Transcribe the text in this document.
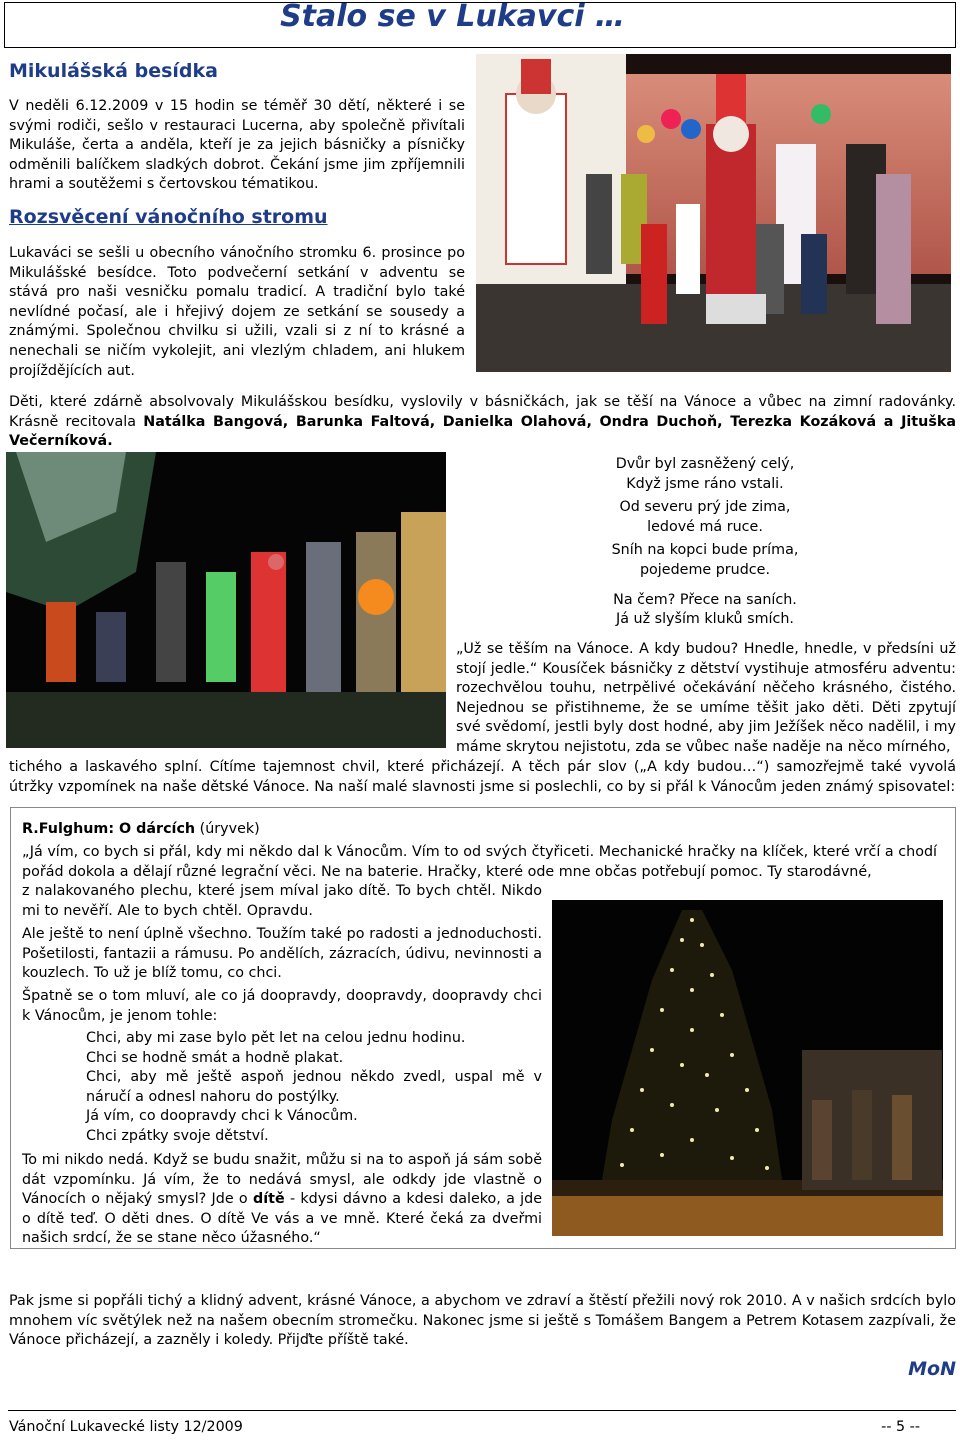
Stalo se v Lukavci …
Mikulášská besídka
V neděli 6.12.2009 v 15 hodin se téměř 30 dětí, některé i se svými rodiči, sešlo v restauraci Lucerna, aby společně přivítali Mikuláše, čerta a anděla, kteří je za jejich básničky a písničky odměnili balíčkem sladkých dobrot. Čekání jsme jim zpříjemnili hrami a soutěžemi s čertovskou tématikou.
Rozsvěcení vánočního stromu
Lukaváci se sešli u obecního vánočního stromku 6. prosince po Mikulášské besídce. Toto podvečerní setkání v adventu se stává pro naši vesničku pomalu tradicí. A tradiční bylo také nevlídné počasí, ale i hřejivý dojem ze setkání se sousedy a známými. Společnou chvilku si užili, vzali si z ní to krásné a nenechali se ničím vykolejit, ani vlezlým chladem, ani hlukem projíždějících aut.
Děti, které zdárně absolvovaly Mikulášskou besídku, vyslovily v básničkách, jak se těší na Vánoce a vůbec na zimní radovánky. Krásně recitovala Natálka Bangová, Barunka Faltová, Danielka Olahová, Ondra Duchoň, Terezka Kozáková a Jituška Večerníková.
Dvůr byl zasněžený celý,
Když jsme ráno vstali.
Od severu prý jde zima,
ledové má ruce.
Sníh na kopci bude príma,
pojedeme prudce.
Na čem? Přece na saních.
Já už slyším kluků smích.
„Už se těším na Vánoce. A kdy budou? Hnedle, hnedle, v předsíni už stojí jedle.“ Kousíček básničky z dětství vystihuje atmosféru adventu: rozechvělou touhu, netrpělivé očekávání něčeho krásného, čistého. Nejednou se přistihneme, že se umíme těšit jako děti. Děti zpytují své svědomí, jestli byly dost hodné, aby jim Ježíšek něco nadělil, i my máme skrytou nejistotu, zda se vůbec naše naděje na něco mírného,
tichého a laskavého splní. Cítíme tajemnost chvil, které přicházejí. A těch pár slov („A kdy budou…“) samozřejmě také vyvolá útržky vzpomínek na naše dětské Vánoce. Na naší malé slavnosti jsme si poslechli, co by si přál k Vánocům jeden známý spisovatel:
R.Fulghum: O dárcích (úryvek)
„Já vím, co bych si přál, kdy mi někdo dal k Vánocům. Vím to od svých čtyřiceti. Mechanické hračky na klíček, které vrčí a chodí pořád dokola a dělají různé legrační věci. Ne na baterie. Hračky, které ode mne občas potřebují pomoc. Ty starodávné,
z nalakovaného plechu, které jsem míval jako dítě. To bych chtěl. Nikdo mi to nevěří. Ale to bych chtěl. Opravdu.
Ale ještě to není úplně všechno. Toužím také po radosti a jednoduchosti. Pošetilosti, fantazii a rámusu. Po andělích, zázracích, údivu, nevinnosti a kouzlech. To už je blíž tomu, co chci.
Špatně se o tom mluví, ale co já doopravdy, doopravdy, doopravdy chci k Vánocům, je jenom tohle:
Chci, aby mi zase bylo pět let na celou jednu hodinu.
Chci se hodně smát a hodně plakat.
Chci, aby mě ještě aspoň jednou někdo zvedl, uspal mě v náručí a odnesl nahoru do postýlky.
Já vím, co doopravdy chci k Vánocům.
Chci zpátky svoje dětství.
To mi nikdo nedá. Když se budu snažit, můžu si na to aspoň já sám sobě dát vzpomínku. Já vím, že to nedává smysl, ale odkdy jde vlastně o Vánocích o nějaký smysl? Jde o dítě - kdysi dávno a kdesi daleko, a jde o dítě teď. O děti dnes. O dítě Ve vás a ve mně. Které čeká za dveřmi našich srdcí, že se stane něco úžasného.“
Pak jsme si popřáli tichý a klidný advent, krásné Vánoce, a abychom ve zdraví a štěstí přežili nový rok 2010. A v našich srdcích bylo mnohem víc světýlek než na našem obecním stromečku. Nakonec jsme si ještě s Tomášem Bangem a Petrem Kotasem zazpívali, že Vánoce přicházejí, a zazněly i koledy. Přijďte příště také.
MoN
Vánoční Lukavecké listy 12/2009	-- 5 --
